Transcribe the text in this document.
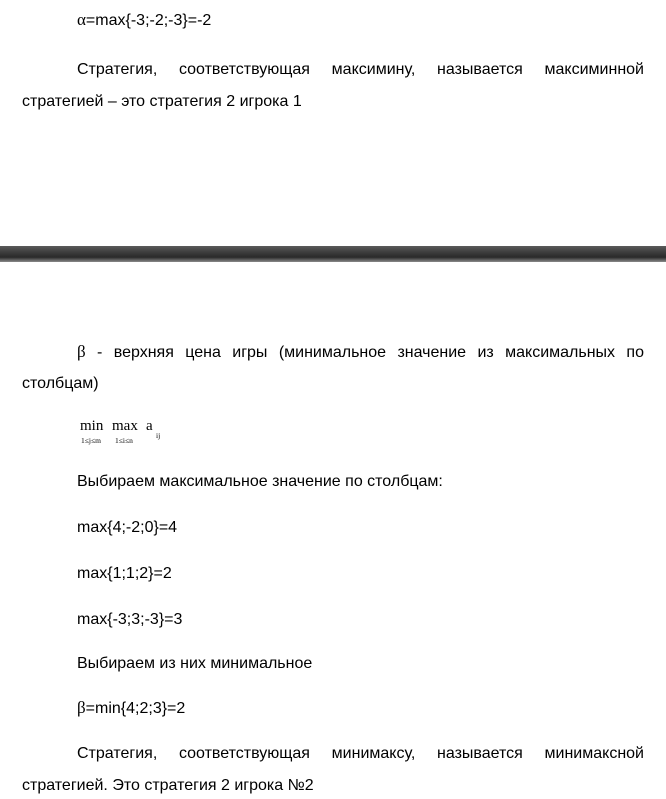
α=max{-3;-2;-3}=-2
Стратегия, соответствующая максимину, называется максиминной
стратегией – это стратегия 2 игрока 1
β - верхняя цена игры (минимальное значение из максимальных по
столбцам)
min
1≤j≤m
max
1≤i≤n
a
ij
Выбираем максимальное значение по столбцам:
max{4;-2;0}=4
max{1;1;2}=2
max{-3;3;-3}=3
Выбираем из них минимальное
β=min{4;2;3}=2
Стратегия, соответствующая минимаксу, называется минимаксной
стратегией. Это стратегия 2 игрока №2
